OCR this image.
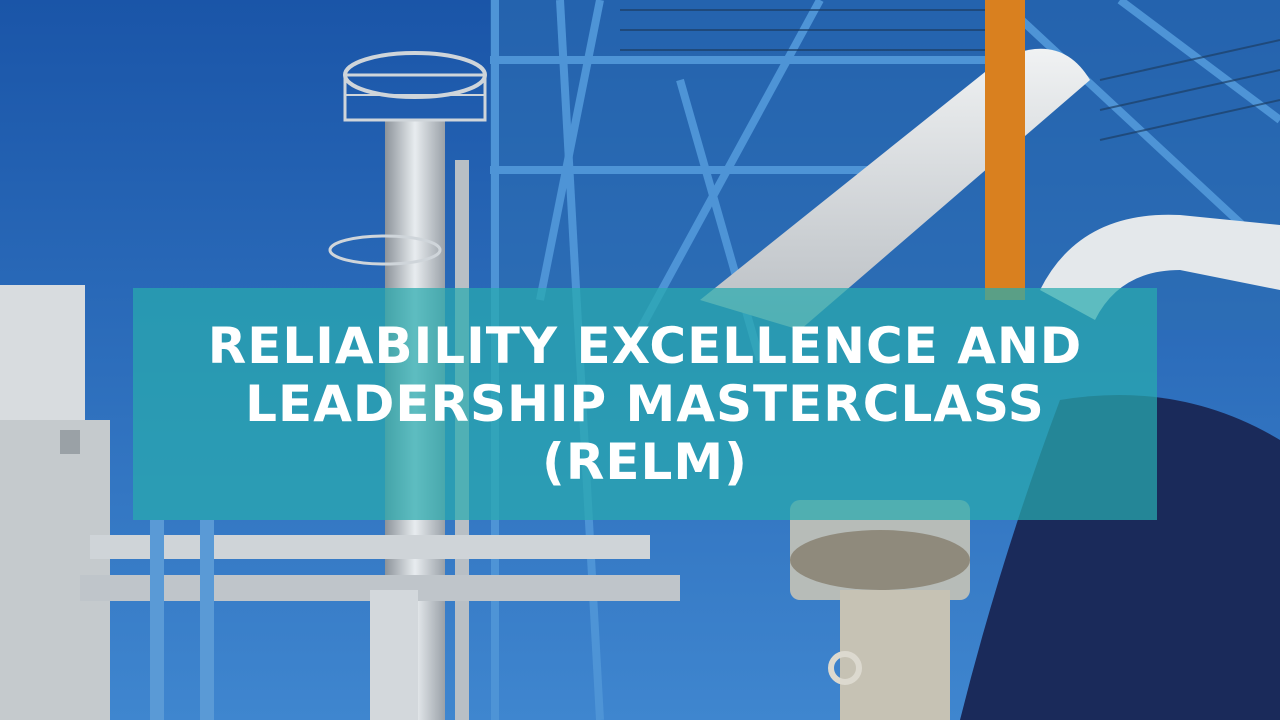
RELIABILITY EXCELLENCE AND
LEADERSHIP MASTERCLASS
(RELM)
